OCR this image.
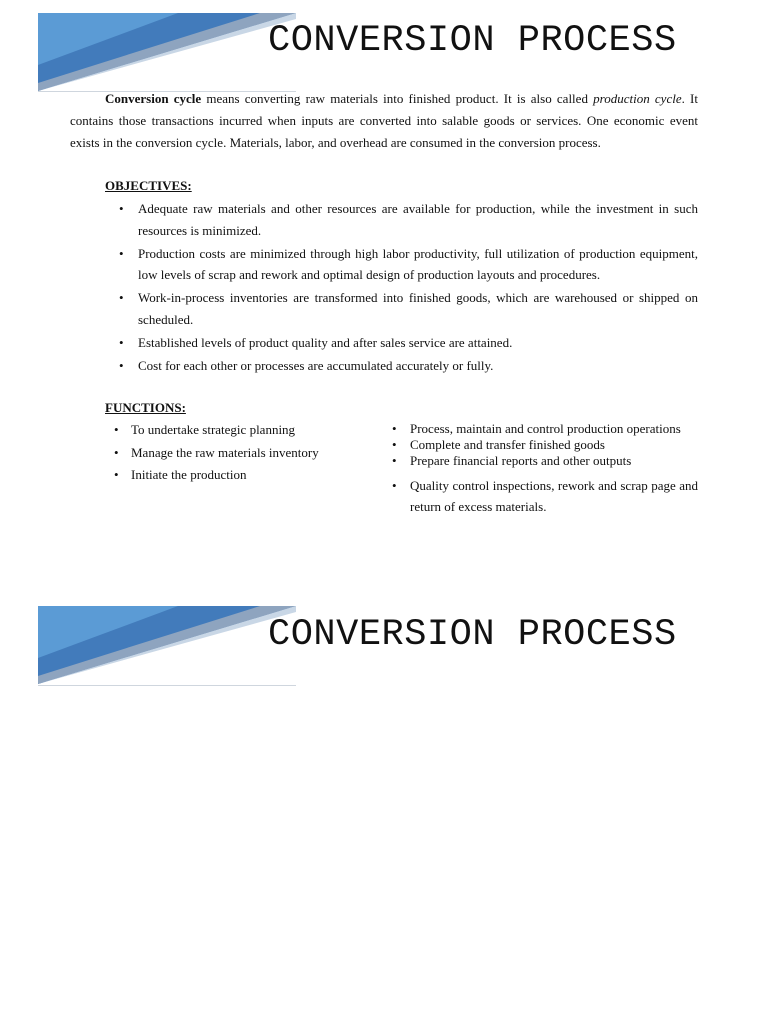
CONVERSION PROCESS

Conversion cycle means converting raw materials into finished product. It is also called production cycle. It contains those transactions incurred when inputs are converted into salable goods or services. One economic event exists in the conversion cycle. Materials, labor, and overhead are consumed in the conversion process.

OBJECTIVES:

• Adequate raw materials and other resources are available for production, while the investment in such resources is minimized.
• Production costs are minimized through high labor productivity, full utilization of production equipment, low levels of scrap and rework and optimal design of production layouts and procedures.
• Work-in-process inventories are transformed into finished goods, which are warehoused or shipped on scheduled.
• Established levels of product quality and after sales service are attained.
• Cost for each other or processes are accumulated accurately or fully.

FUNCTIONS:

• To undertake strategic planning
• Manage the raw materials inventory
• Initiate the production
• Process, maintain and control production operations
• Complete and transfer finished goods
• Prepare financial reports and other outputs
• Quality control inspections, rework and scrap page and return of excess materials.
CONVERSION PROCESS
